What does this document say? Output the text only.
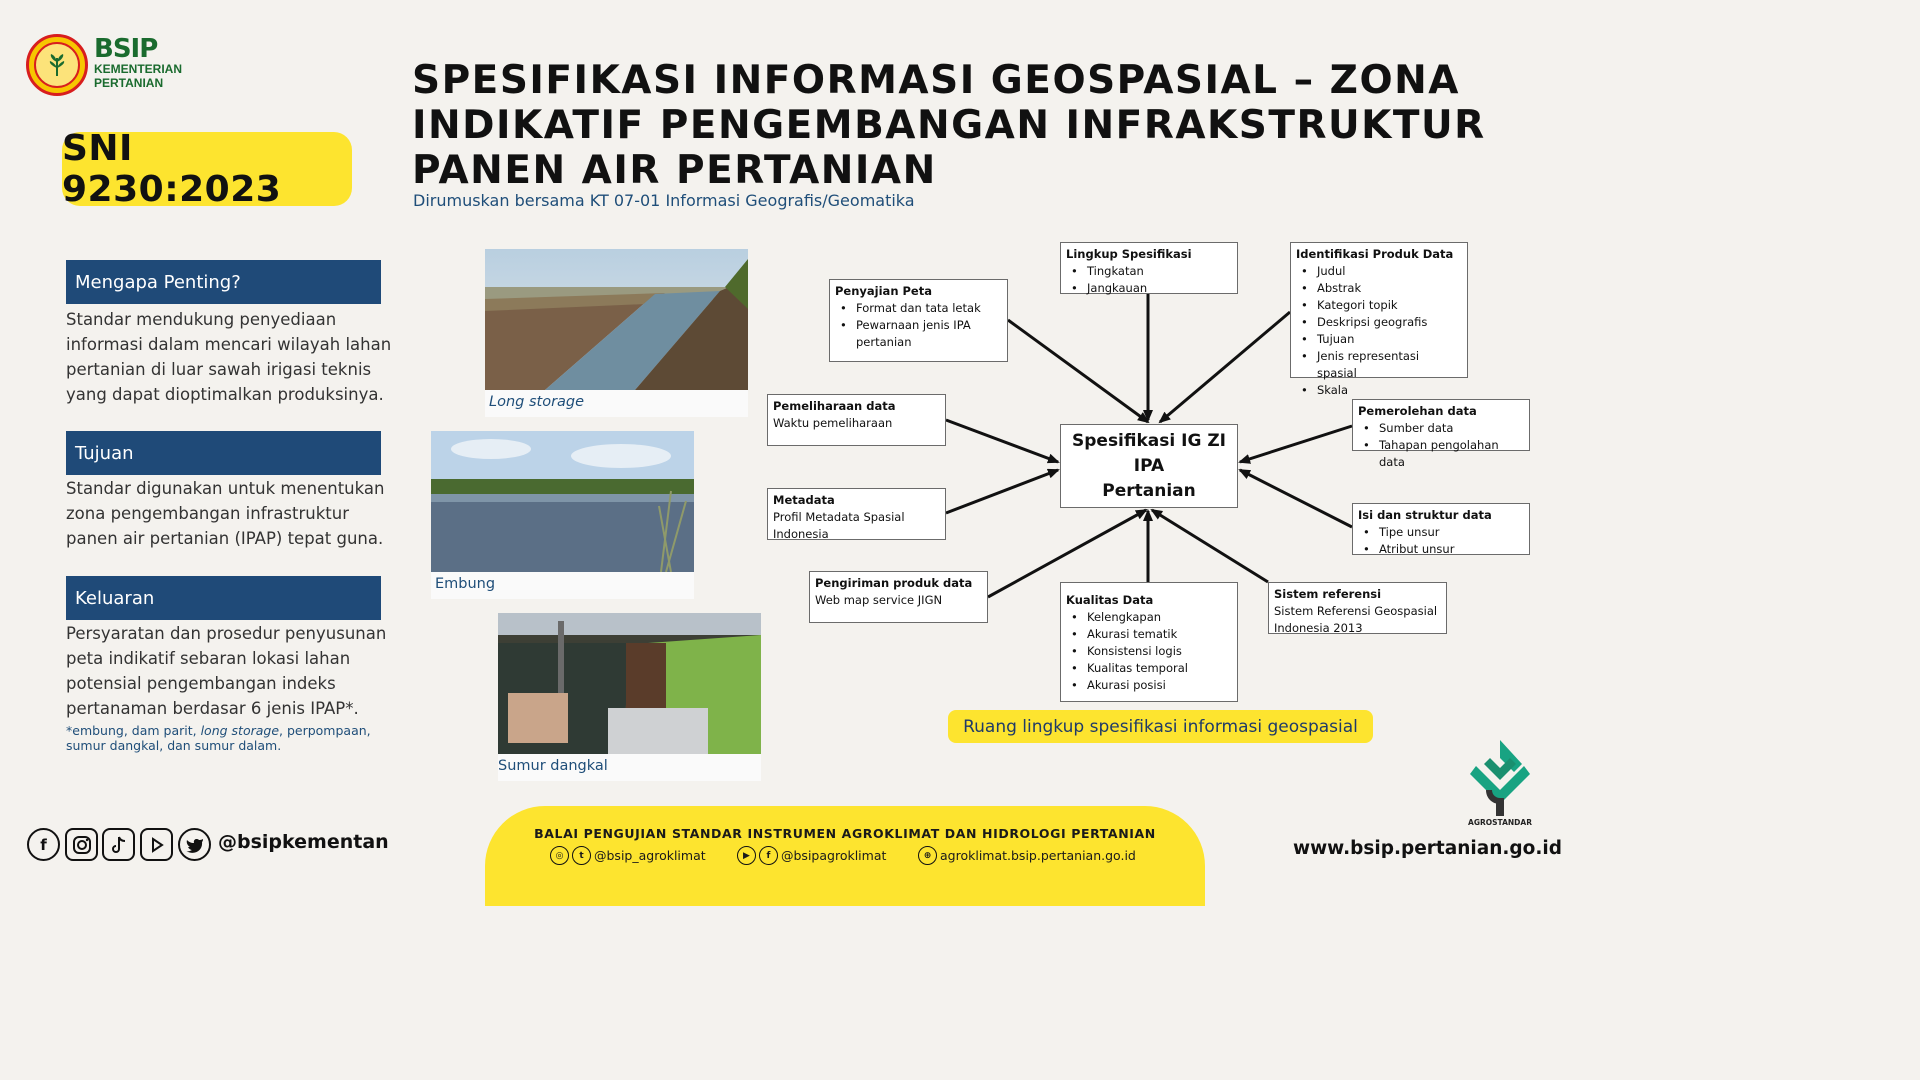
BSIP
KEMENTERIAN
PERTANIAN
SNI 9230:2023
SPESIFIKASI INFORMASI GEOSPASIAL – ZONA
INDIKATIF PENGEMBANGAN INFRAKSTRUKTUR
PANEN AIR PERTANIAN
Dirumuskan bersama KT 07-01 Informasi Geografis/Geomatika
Mengapa Penting?
Standar mendukung penyediaan informasi dalam mencari wilayah lahan pertanian di luar sawah irigasi teknis yang dapat dioptimalkan produksinya.
Tujuan
Standar digunakan untuk menentukan zona pengembangan infrastruktur panen air pertanian (IPAP) tepat guna.
Keluaran
Persyaratan dan prosedur penyusunan peta indikatif sebaran lokasi lahan potensial pengembangan indeks pertanaman berdasar 6 jenis IPAP*.
*embung, dam parit, long storage, perpompaan, sumur dangkal, dan sumur dalam.
Long storage
Embung
Sumur dangkal
Lingkup Spesifikasi
• Tingkatan
• Jangkauan
Identifikasi Produk Data
• Judul
• Abstrak
• Kategori topik
• Deskripsi geografis
• Tujuan
• Jenis representasi spasial
• Skala
Penyajian Peta
• Format dan tata letak
• Pewarnaan jenis IPA pertanian
Pemeliharaan data
Waktu pemeliharaan
Pemerolehan data
• Sumber data
• Tahapan pengolahan data
Spesifikasi IG ZI IPA
Pertanian
Metadata
Profil Metadata Spasial Indonesia
Isi dan struktur data
• Tipe unsur
• Atribut unsur
Pengiriman produk data
Web map service JIGN	Kualitas Data
• Kelengkapan
• Akurasi tematik
• Konsistensi logis
• Kualitas temporal
• Akurasi posisi
Sistem referensi
Sistem Referensi Geospasial Indonesia 2013
Ruang lingkup spesifikasi informasi geospasial
f	@bsipkementan	BALAI PENGUJIAN STANDAR INSTRUMEN AGROKLIMAT DAN HIDROLOGI PERTANIAN
◎	t @bsip_agroklimat	▶	f @bsipagroklimat	⊕ agroklimat.bsip.pertanian.go.id	www.bsip.pertanian.go.id
AGROSTANDAR
